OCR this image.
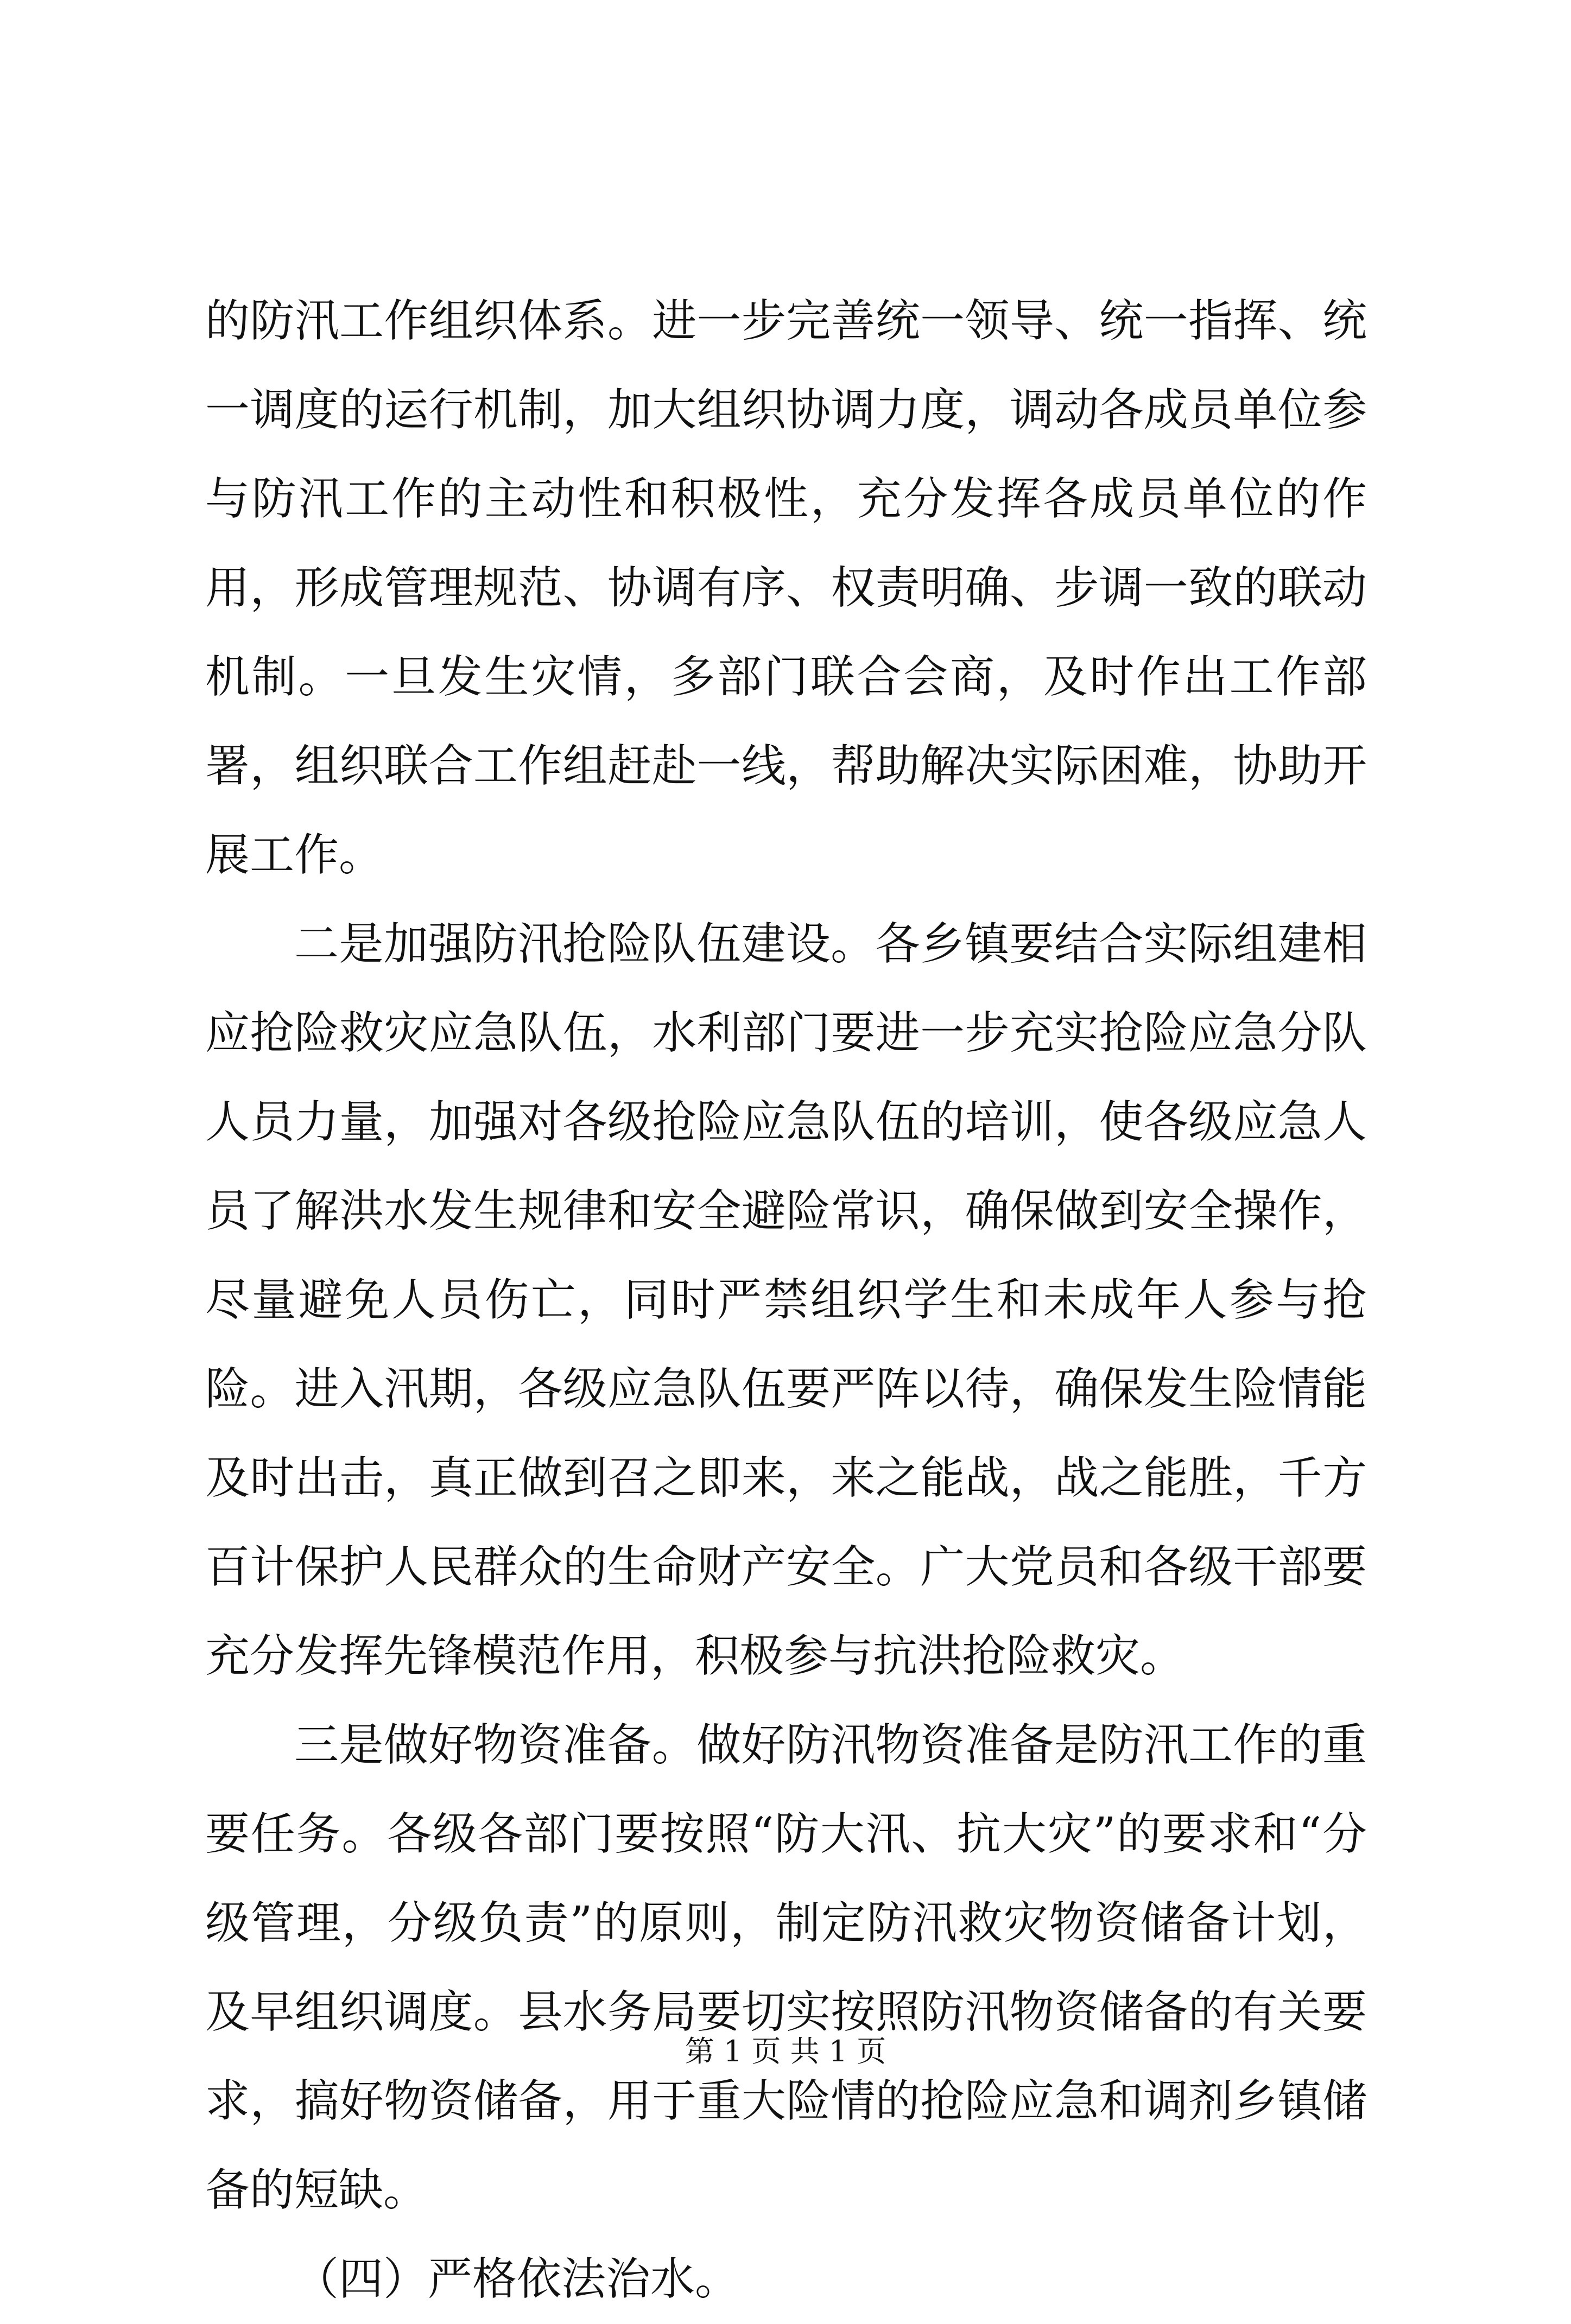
的防汛工作组织体系。进一步完善统一领导、统一指挥、统一调度的运行机制，加大组织协调力度，调动各成员单位参与防汛工作的主动性和积极性，充分发挥各成员单位的作用，形成管理规范、协调有序、权责明确、步调一致的联动机制。一旦发生灾情，多部门联合会商，及时作出工作部署，组织联合工作组赶赴一线，帮助解决实际困难，协助开展工作。

二是加强防汛抢险队伍建设。各乡镇要结合实际组建相应抢险救灾应急队伍，水利部门要进一步充实抢险应急分队人员力量，加强对各级抢险应急队伍的培训，使各级应急人员了解洪水发生规律和安全避险常识，确保做到安全操作，尽量避免人员伤亡，同时严禁组织学生和未成年人参与抢险。进入汛期，各级应急队伍要严阵以待，确保发生险情能及时出击，真正做到召之即来，来之能战，战之能胜，千方百计保护人民群众的生命财产安全。广大党员和各级干部要充分发挥先锋模范作用，积极参与抗洪抢险救灾。

三是做好物资准备。做好防汛物资准备是防汛工作的重要任务。各级各部门要按照“防大汛、抗大灾”的要求和“分级管理，分级负责”的原则，制定防汛救灾物资储备计划，及早组织调度。县水务局要切实按照防汛物资储备的有关要求，搞好物资储备，用于重大险情的抢险应急和调剂乡镇储备的短缺。

（四）严格依法治水。

第 1 页 共 1 页
